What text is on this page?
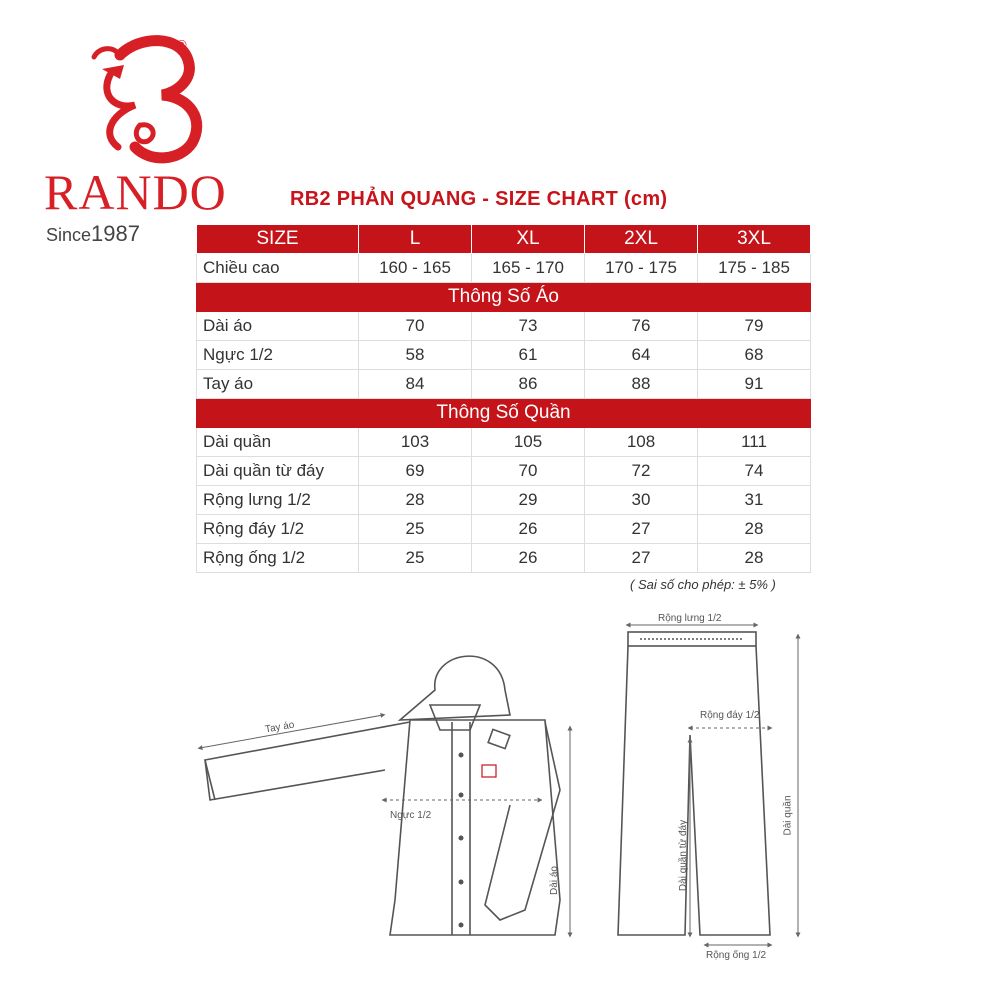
®
RANDO
Since1987
RB2 PHẢN QUANG - SIZE CHART (cm)
SIZE	L	XL	2XL	3XL
Chiều cao	160 - 165	165 - 170	170 - 175	175 - 185
Thông Số Áo				
Dài áo	70	73	76	79
Ngực 1/2	58	61	64	68
Tay áo	84	86	88	91
Thông Số Quần				
Dài quần	103	105	108	111
Dài quần từ đáy	69	70	72	74
Rộng lưng 1/2	28	29	30	31
Rộng đáy 1/2	25	26	27	28
Rộng ống 1/2	25	26	27	28
( Sai số cho phép: ± 5% )
Tay áo
Ngực 1/2
Dài áo
Rộng lưng 1/2
Rộng đáy 1/2
Dài quần từ đáy
Dài quần
Rộng ống 1/2
